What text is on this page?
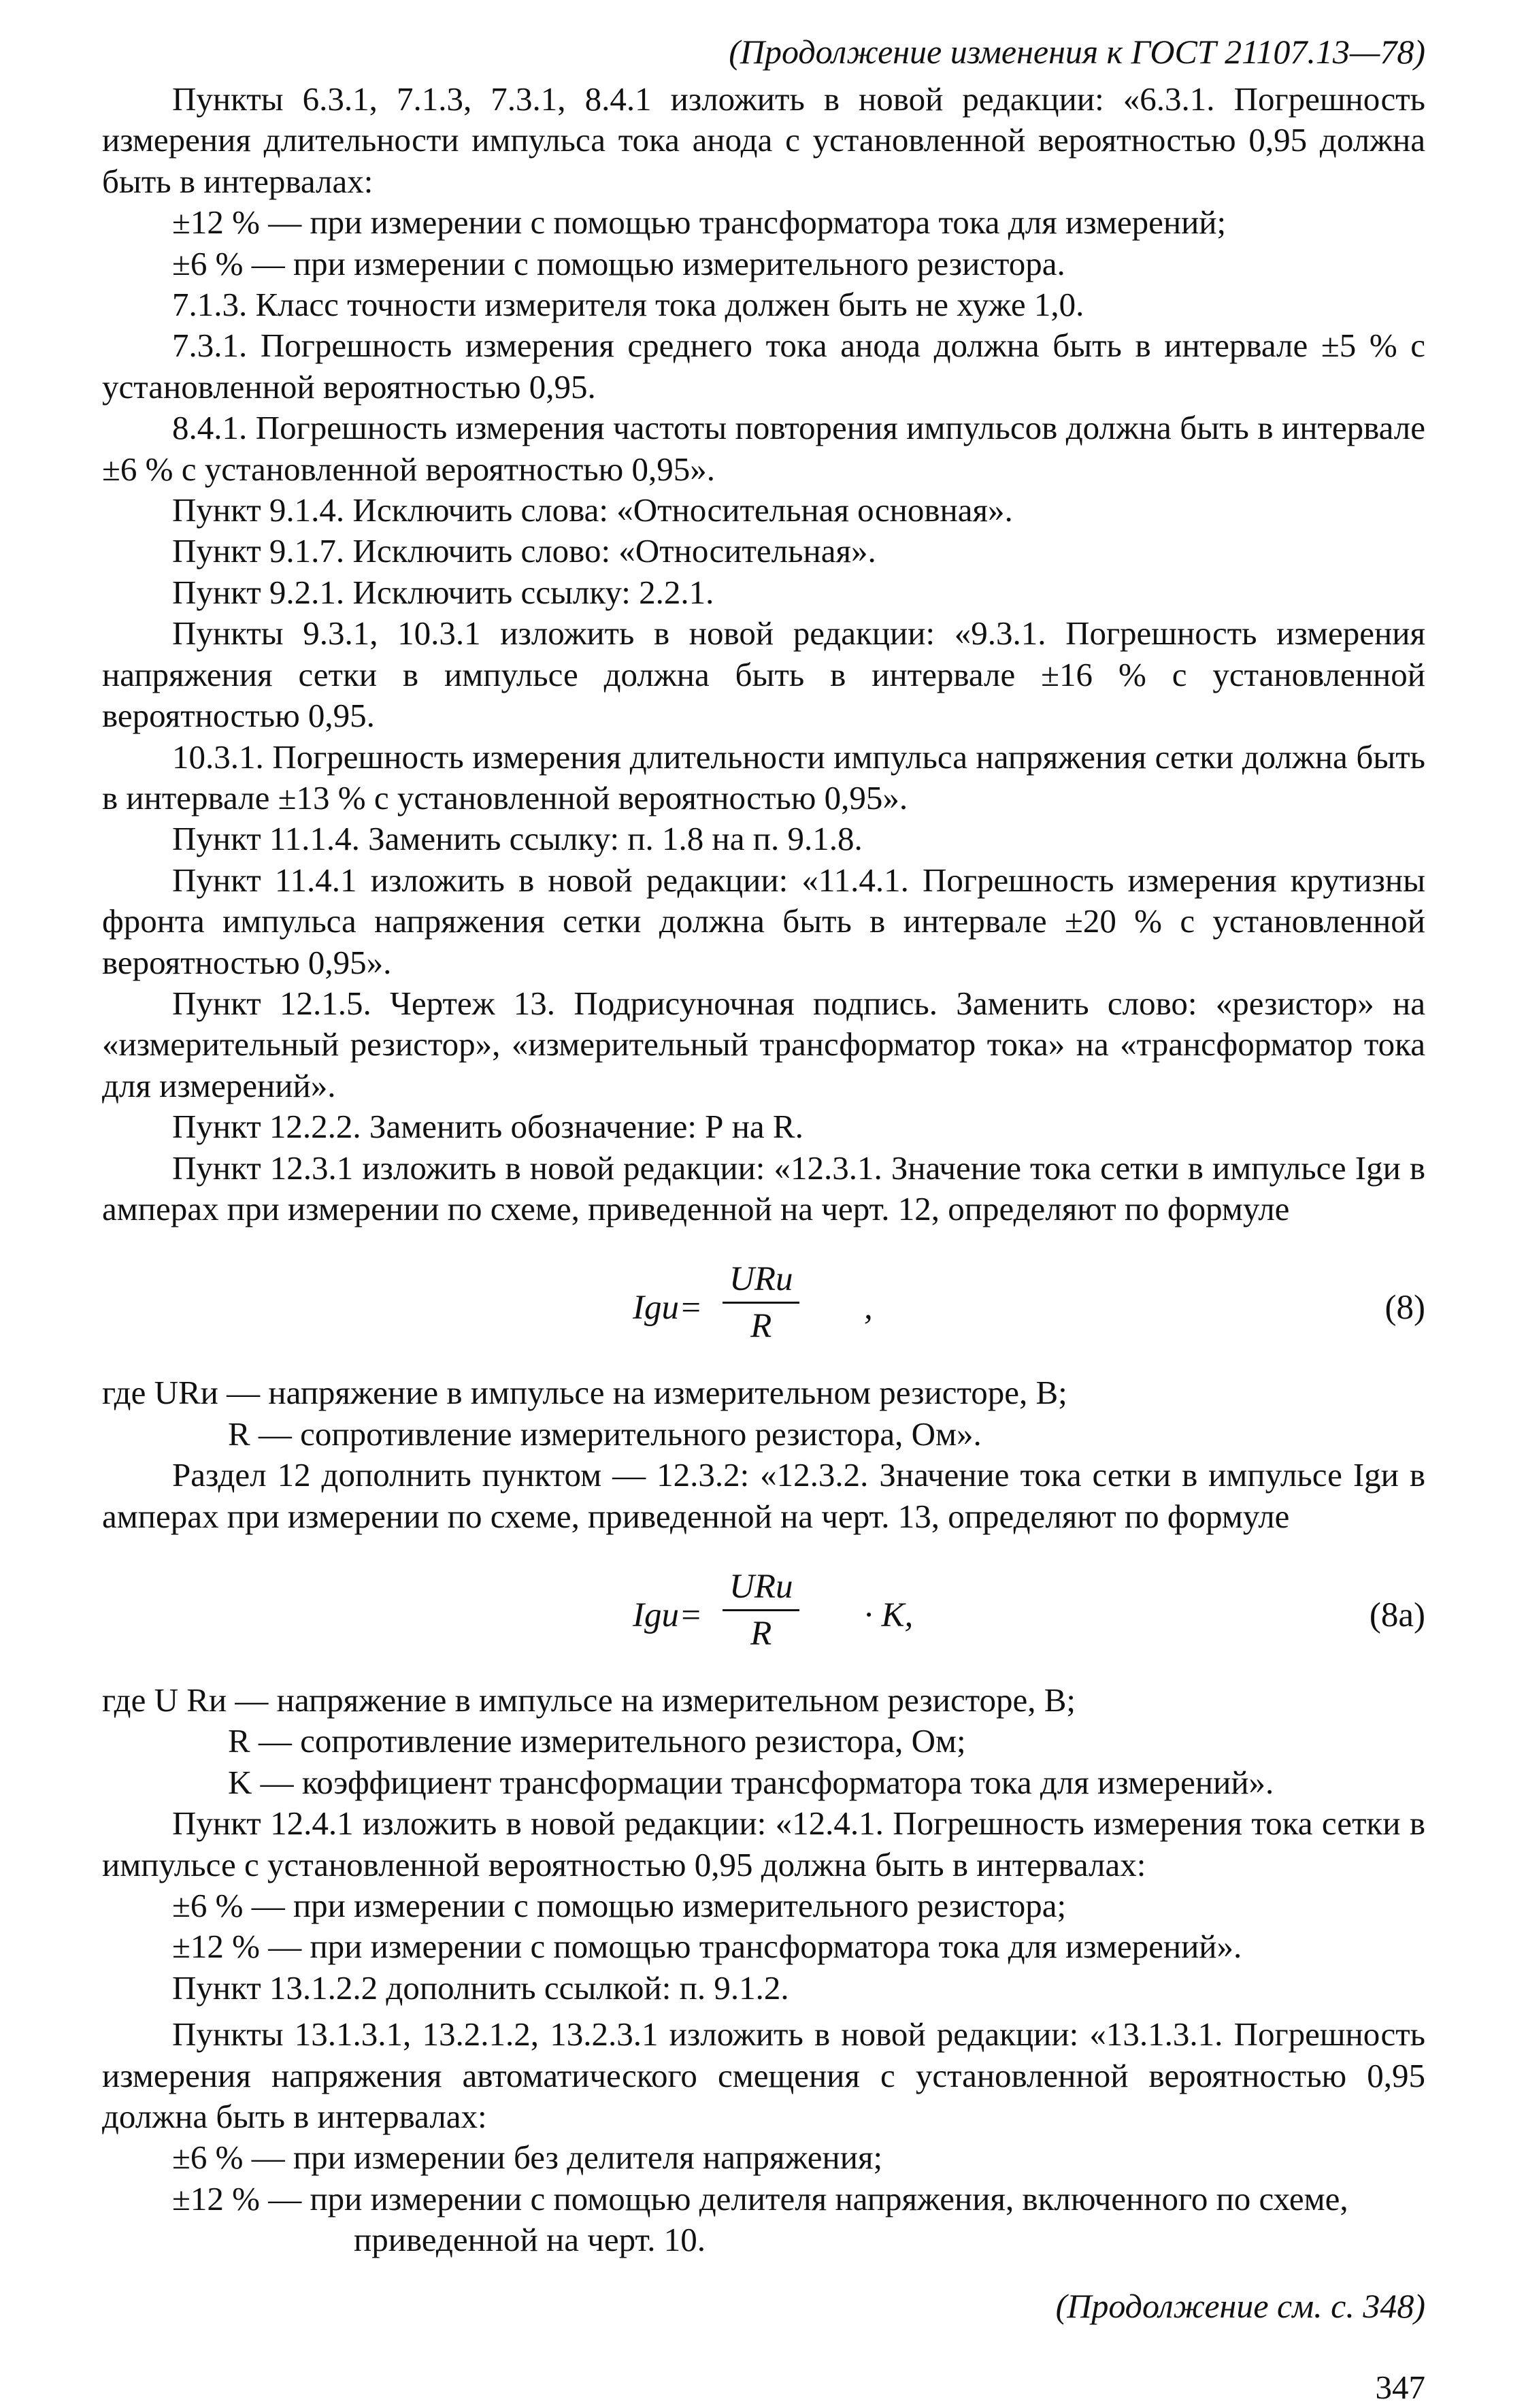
(Продолжение изменения к ГОСТ 21107.13—78)

Пункты 6.3.1, 7.1.3, 7.3.1, 8.4.1 изложить в новой редакции: «6.3.1. Погрешность измерения длительности импульса тока анода с установленной вероятностью 0,95 должна быть в интервалах:

±12 % — при измерении с помощью трансформатора тока для измерений;

±6 % — при измерении с помощью измерительного резистора.

7.1.3. Класс точности измерителя тока должен быть не хуже 1,0.

7.3.1. Погрешность измерения среднего тока анода должна быть в интервале ±5 % с установленной вероятностью 0,95.

8.4.1. Погрешность измерения частоты повторения импульсов должна быть в интервале ±6 % с установленной вероятностью 0,95».

Пункт 9.1.4. Исключить слова: «Относительная основная».

Пункт 9.1.7. Исключить слово: «Относительная».

Пункт 9.2.1. Исключить ссылку: 2.2.1.

Пункты 9.3.1, 10.3.1 изложить в новой редакции: «9.3.1. Погрешность измерения напряжения сетки в импульсе должна быть в интервале ±16 % с установленной вероятностью 0,95.

10.3.1. Погрешность измерения длительности импульса напряжения сетки должна быть в интервале ±13 % с установленной вероятностью 0,95».

Пункт 11.1.4. Заменить ссылку: п. 1.8 на п. 9.1.8.

Пункт 11.4.1 изложить в новой редакции: «11.4.1. Погрешность измерения крутизны фронта импульса напряжения сетки должна быть в интервале ±20 % с установленной вероятностью 0,95».

Пункт 12.1.5. Чертеж 13. Подрисуночная подпись. Заменить слово: «резистор» на «измерительный резистор», «измерительный трансформатор тока» на «трансформатор тока для измерений».

Пункт 12.2.2. Заменить обозначение: Р на R.

Пункт 12.3.1 изложить в новой редакции: «12.3.1. Значение тока сетки в импульсе Igи в амперах при измерении по схеме, приведенной на черт. 12, определяют по формуле

Igи=
URи
R	,	(8)

где URи — напряжение в импульсе на измерительном резисторе, В;

R — сопротивление измерительного резистора, Ом».

Раздел 12 дополнить пунктом — 12.3.2: «12.3.2. Значение тока сетки в импульсе Igи в амперах при измерении по схеме, приведенной на черт. 13, определяют по формуле

Igи=
URи
R	· K,	(8а)

где U Rи — напряжение в импульсе на измерительном резисторе, В;

R — сопротивление измерительного резистора, Ом;

K — коэффициент трансформации трансформатора тока для измерений».

Пункт 12.4.1 изложить в новой редакции: «12.4.1. Погрешность измерения тока сетки в импульсе с установленной вероятностью 0,95 должна быть в интервалах:

±6 % — при измерении с помощью измерительного резистора;

±12 % — при измерении с помощью трансформатора тока для измерений».

Пункт 13.1.2.2 дополнить ссылкой: п. 9.1.2.

Пункты 13.1.3.1, 13.2.1.2, 13.2.3.1 изложить в новой редакции: «13.1.3.1. Погрешность измерения напряжения автоматического смещения с установленной вероятностью 0,95 должна быть в интервалах:

±6 % — при измерении без делителя напряжения;

±12 % — при измерении с помощью делителя напряжения, включенного по схеме, приведенной на черт. 10.

(Продолжение см. с. 348)
347
